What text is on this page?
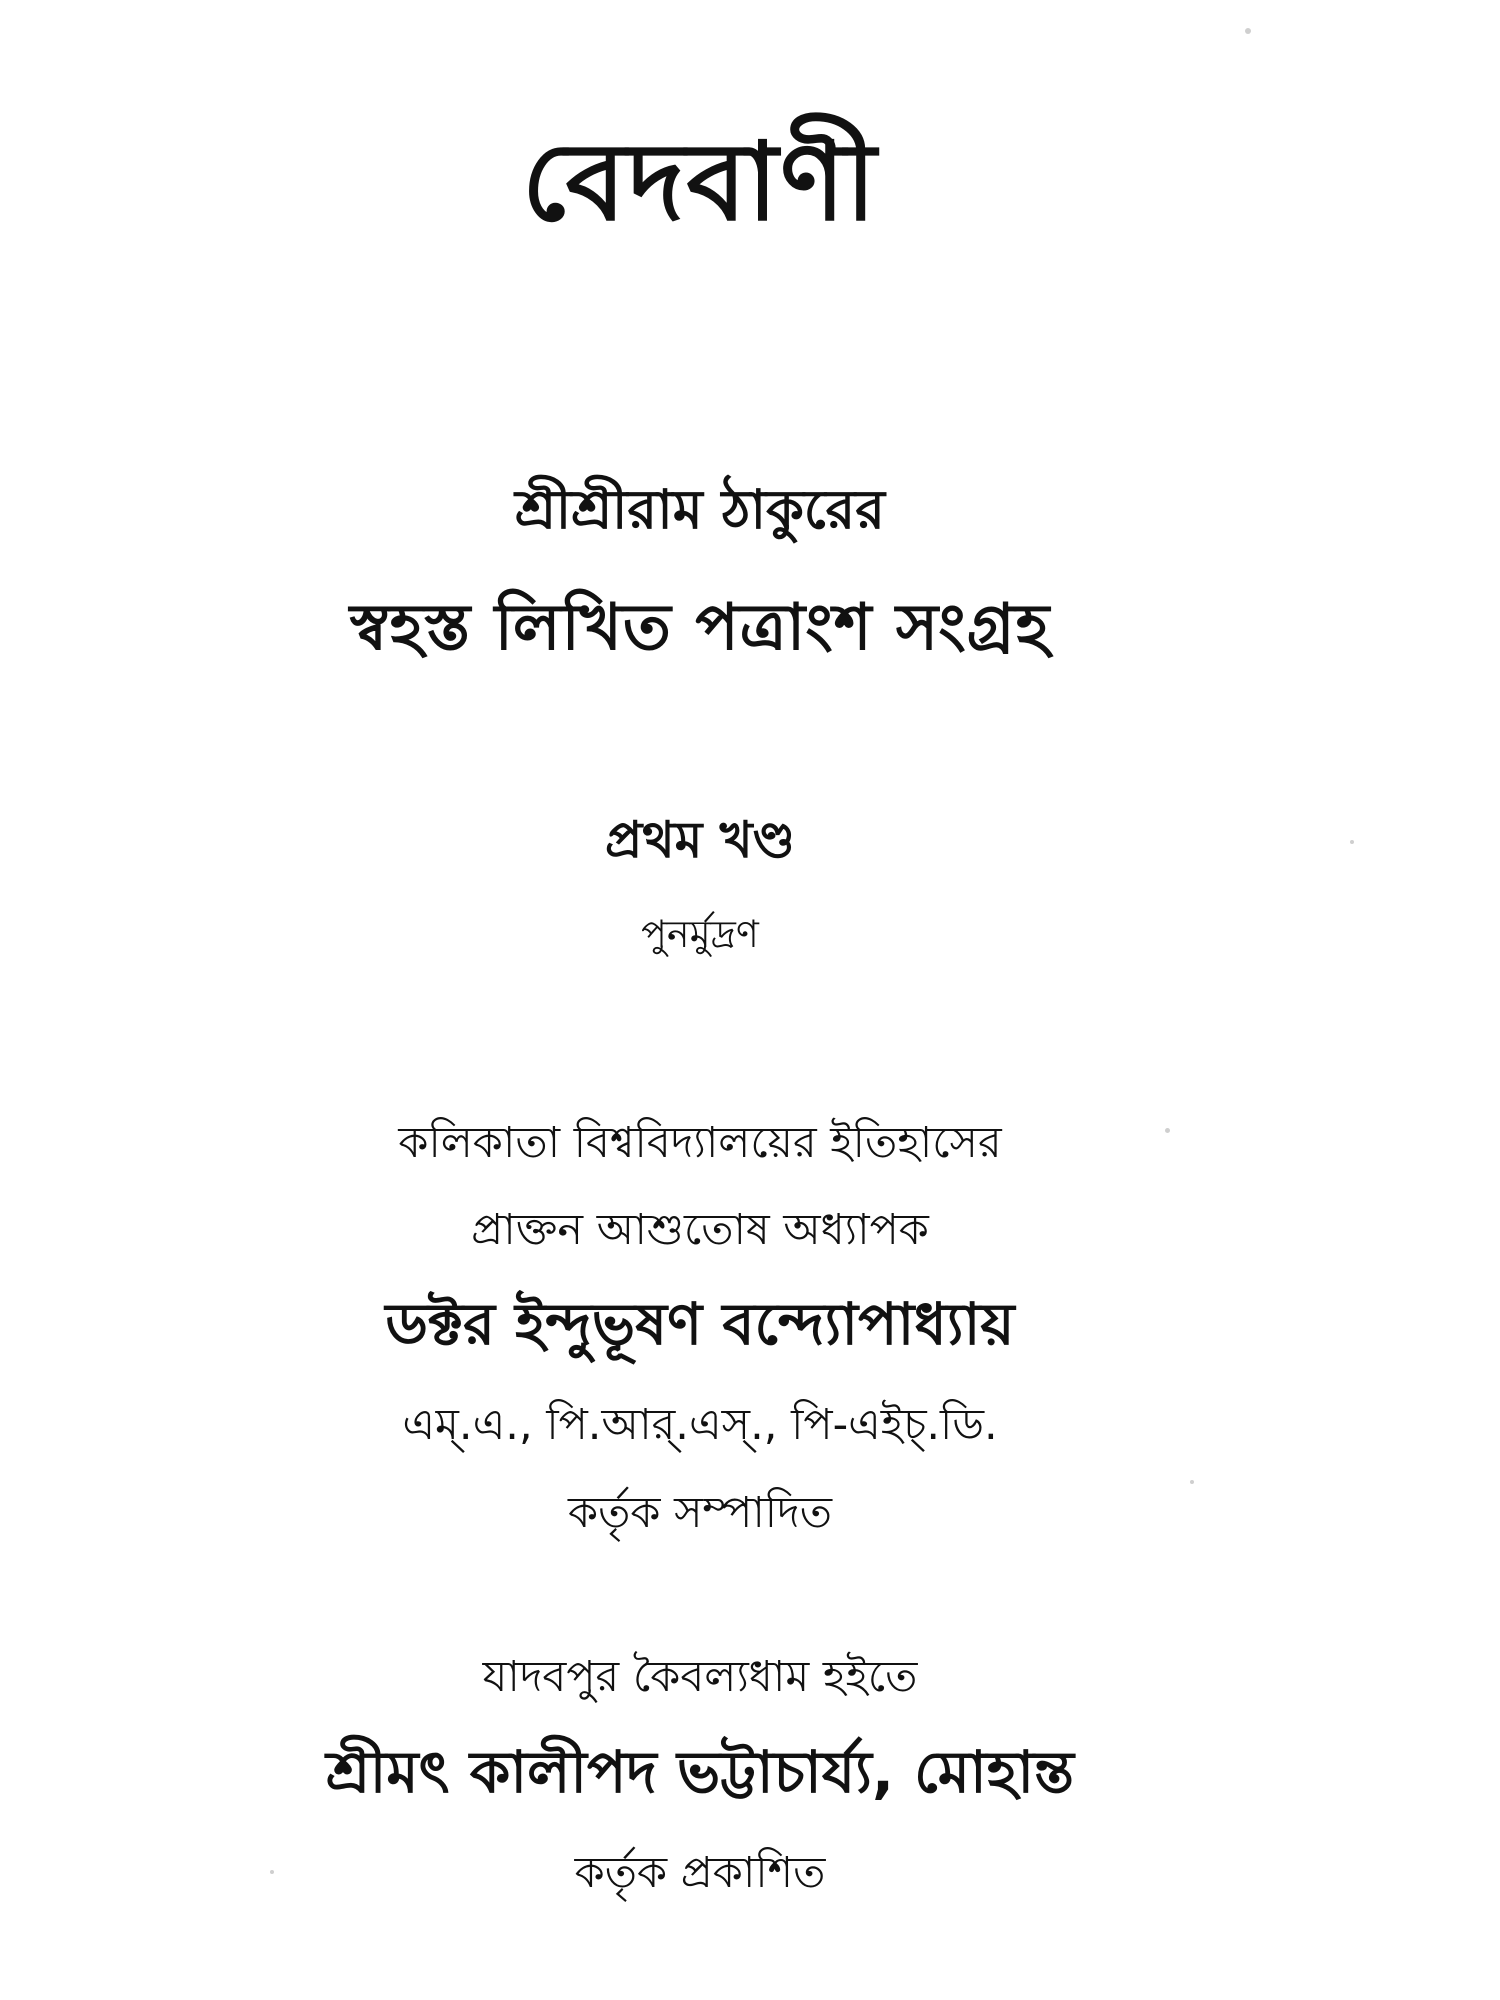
বেদবাণী
শ্রীশ্রীরাম ঠাকুরের
স্বহস্ত লিখিত পত্রাংশ সংগ্রহ
প্রথম খণ্ড
পুনর্মুদ্রণ
কলিকাতা বিশ্ববিদ্যালয়ের ইতিহাসের
প্রাক্তন আশুতোষ অধ্যাপক
ডক্টর ইন্দুভূষণ বন্দ্যোপাধ্যায়
এম্.এ., পি.আর্.এস্., পি-এইচ্.ডি.
কর্তৃক সম্পাদিত
যাদবপুর কৈবল্যধাম হইতে
শ্রীমৎ কালীপদ ভট্টাচার্য্য, মোহান্ত
কর্তৃক প্রকাশিত
